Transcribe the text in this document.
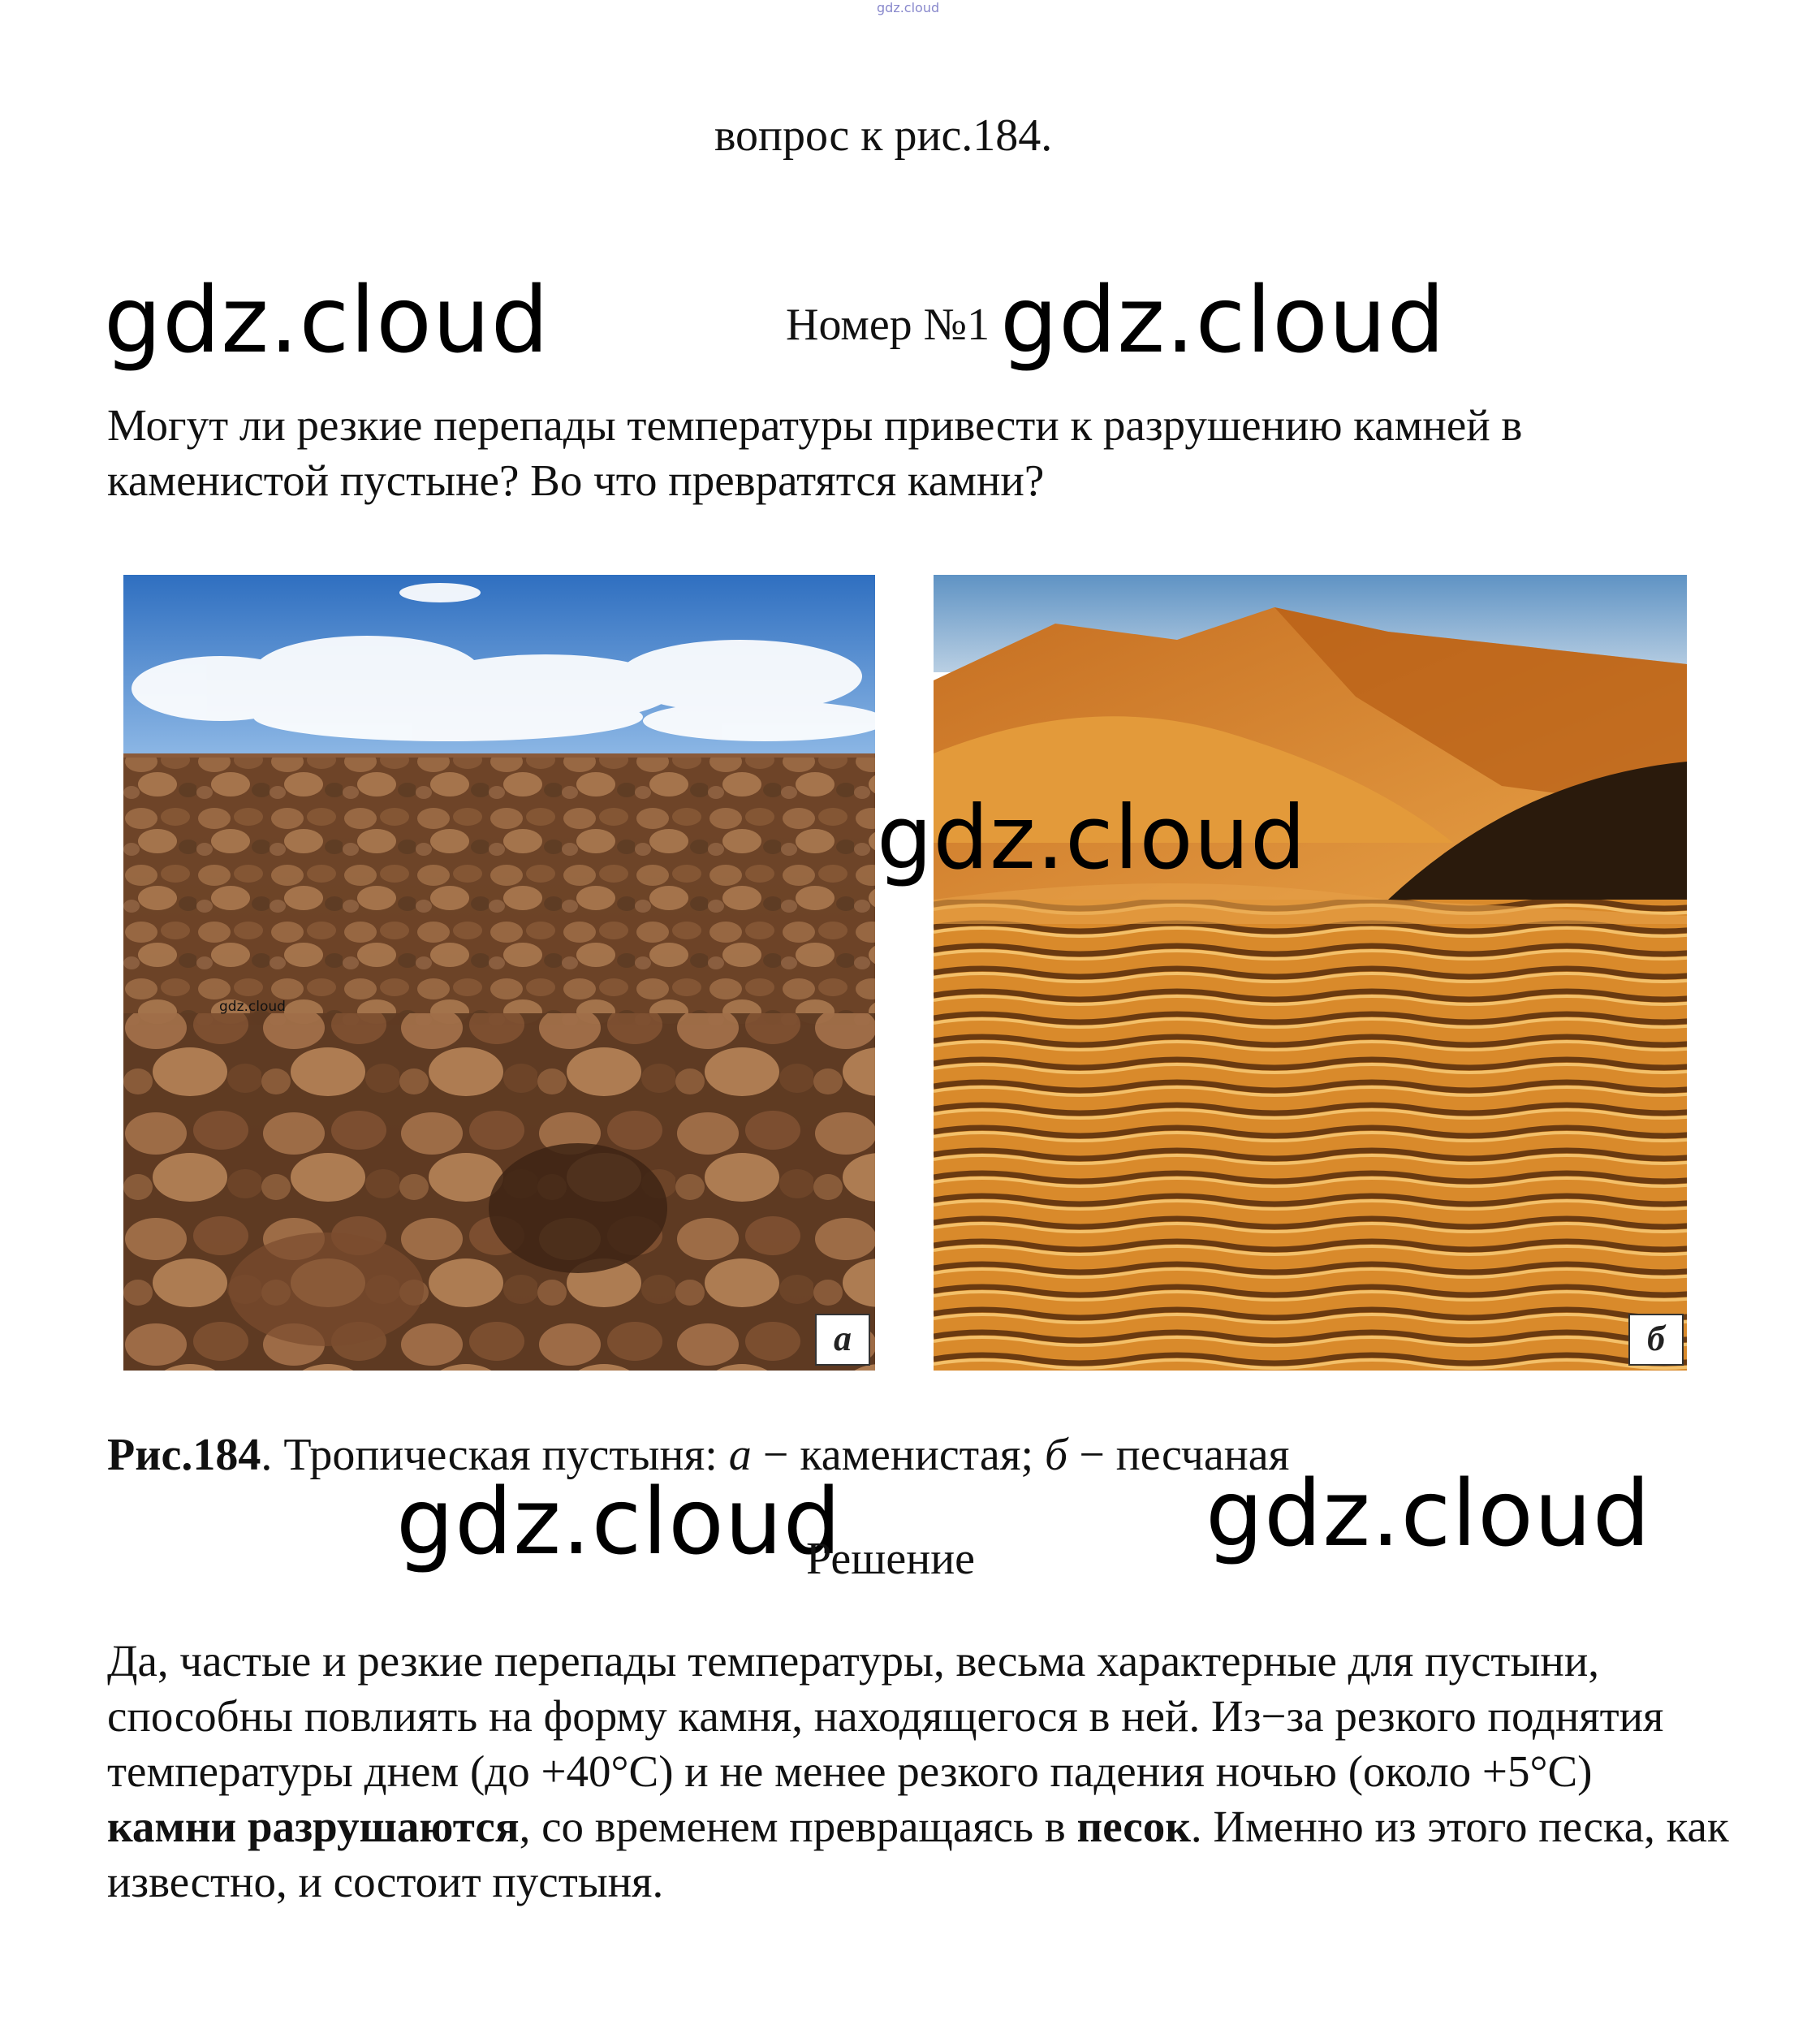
gdz.cloud
вопрос к рис.184.
gdz.cloud	Номер №1 gdz.cloud
Могут ли резкие перепады температуры привести к разрушению камней в каменистой пустыне? Во что превратятся камни?
а
gdz.cloud
б
gdz.cloud
Рис.184. Тропическая пустыня: а − каменистая; б − песчаная
gdz.cloud
Решение	gdz.cloud
Да, частые и резкие перепады температуры, весьма характерные для пустыни, способны повлиять на форму камня, находящегося в ней. Из−за резкого поднятия температуры днем (до +40°С) и не менее резкого падения ночью (около +5°С) камни разрушаются, со временем превращаясь в песок. Именно из этого песка, как известно, и состоит пустыня.
